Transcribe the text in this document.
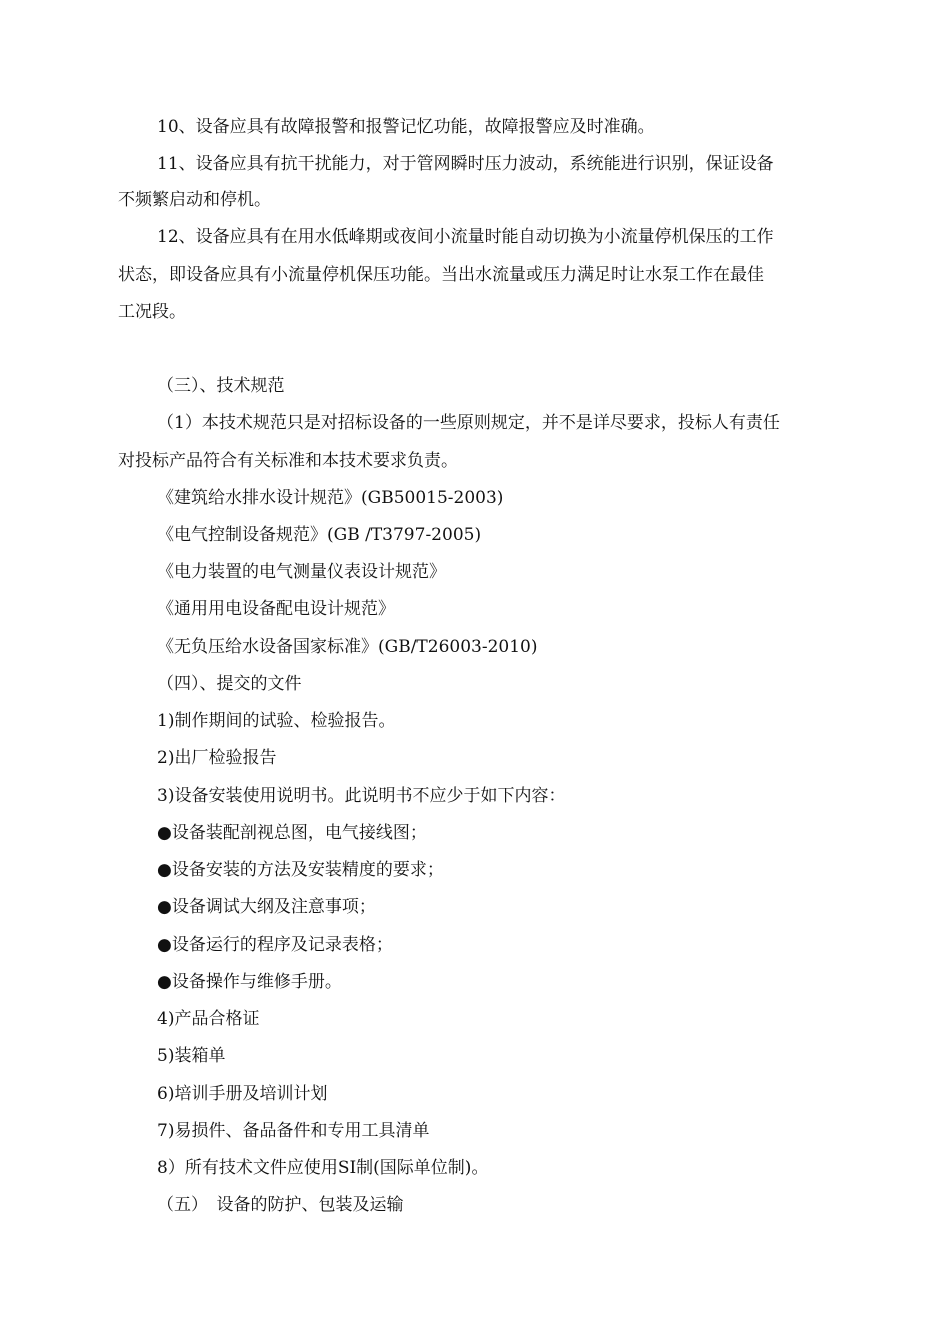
10、设备应具有故障报警和报警记忆功能，故障报警应及时准确。
11、设备应具有抗干扰能力，对于管网瞬时压力波动，系统能进行识别，保证设备
不频繁启动和停机。
12、设备应具有在用水低峰期或夜间小流量时能自动切换为小流量停机保压的工作
状态，即设备应具有小流量停机保压功能。当出水流量或压力满足时让水泵工作在最佳
工况段。
（三）、技术规范
（1）本技术规范只是对招标设备的一些原则规定，并不是详尽要求，投标人有责任
对投标产品符合有关标准和本技术要求负责。
《建筑给水排水设计规范》(GB50015-2003)
《电气控制设备规范》(GB /T3797-2005)
《电力装置的电气测量仪表设计规范》
《通用用电设备配电设计规范》
《无负压给水设备国家标准》(GB/T26003-2010)
（四）、提交的文件
1)制作期间的试验、检验报告。
2)出厂检验报告
3)设备安装使用说明书。此说明书不应少于如下内容：
●设备装配剖视总图，电气接线图；
●设备安装的方法及安装精度的要求；
●设备调试大纲及注意事项；
●设备运行的程序及记录表格；
●设备操作与维修手册。
4)产品合格证
5)装箱单
6)培训手册及培训计划
7)易损件、备品备件和专用工具清单
8）所有技术文件应使用SI制(国际单位制)。
（五）　设备的防护、包装及运输
